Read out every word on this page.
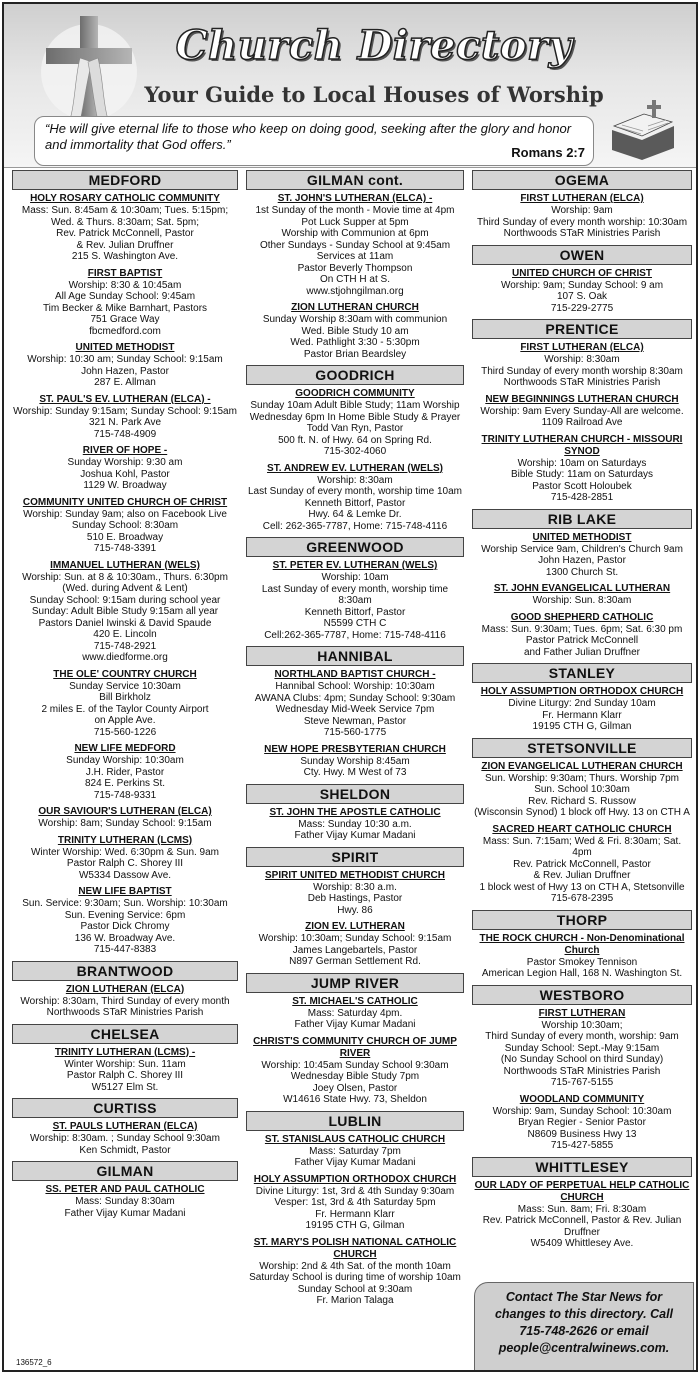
Church Directory
Your Guide to Local Houses of Worship
“He will give eternal life to those who keep on doing good, seeking after the glory and honor and immortality that God offers.”
Romans 2:7
MEDFORD
HOLY ROSARY CATHOLIC COMMUNITY
Mass: Sun. 8:45am & 10:30am; Tues. 5:15pm;
Wed. & Thurs. 8:30am; Sat. 5pm;
Rev. Patrick McConnell, Pastor
& Rev. Julian Druffner
215 S. Washington Ave.
FIRST BAPTIST
Worship: 8:30 & 10:45am
All Age Sunday School: 9:45am
Tim Becker & Mike Barnhart, Pastors
751 Grace Way
fbcmedford.com
UNITED METHODIST
Worship: 10:30 am; Sunday School: 9:15am
John Hazen, Pastor
287 E. Allman
ST. PAUL'S EV. LUTHERAN (ELCA) -
Worship: Sunday 9:15am; Sunday School: 9:15am
321 N. Park Ave
715-748-4909
RIVER OF HOPE -
Sunday Worship: 9:30 am
Joshua Kohl, Pastor
1129 W. Broadway
COMMUNITY UNITED CHURCH OF CHRIST
Worship: Sunday 9am; also on Facebook Live
Sunday School: 8:30am
510 E. Broadway
715-748-3391
IMMANUEL LUTHERAN (WELS)
Worship: Sun. at 8 & 10:30am., Thurs. 6:30pm
(Wed. during Advent & Lent)
Sunday School: 9:15am during school year
Sunday: Adult Bible Study 9:15am all year
Pastors Daniel Iwinski & David Spaude
420 E. Lincoln
715-748-2921
www.diedforme.org
THE OLE' COUNTRY CHURCH
Sunday Service 10:30am
Bill Birkholz
2 miles E. of the Taylor County Airport
on Apple Ave.
715-560-1226
NEW LIFE MEDFORD
Sunday Worship: 10:30am
J.H. Rider, Pastor
824 E. Perkins St.
715-748-9331
OUR SAVIOUR'S LUTHERAN (ELCA)
Worship: 8am; Sunday School: 9:15am
TRINITY LUTHERAN (LCMS)
Winter Worship: Wed. 6:30pm & Sun. 9am
Pastor Ralph C. Shorey III
W5334 Dassow Ave.
NEW LIFE BAPTIST
Sun. Service: 9:30am; Sun. Worship: 10:30am
Sun. Evening Service: 6pm
Pastor Dick Chromy
136 W. Broadway Ave.
715-447-8383
BRANTWOOD
ZION LUTHERAN (ELCA)
Worship: 8:30am, Third Sunday of every month
Northwoods STaR Ministries Parish
CHELSEA
TRINITY LUTHERAN (LCMS) -
Winter Worship: Sun. 11am
Pastor Ralph C. Shorey III
W5127 Elm St.
CURTISS
ST. PAULS LUTHERAN (ELCA)
Worship: 8:30am. ; Sunday School 9:30am
Ken Schmidt, Pastor
GILMAN
SS. PETER AND PAUL CATHOLIC
Mass: Sunday 8:30am
Father Vijay Kumar Madani
GILMAN cont.
ST. JOHN'S LUTHERAN (ELCA) -
1st Sunday of the month - Movie time at 4pm
Pot Luck Supper at 5pm
Worship with Communion at 6pm
Other Sundays - Sunday School at 9:45am
Services at 11am
Pastor Beverly Thompson
On CTH H at S.
www.stjohngilman.org
ZION LUTHERAN CHURCH
Sunday Worship 8:30am with communion
Wed. Bible Study 10 am
Wed. Pathlight 3:30 - 5:30pm
Pastor Brian Beardsley
GOODRICH
GOODRICH COMMUNITY
Sunday 10am Adult Bible Study; 11am Worship
Wednesday 6pm In Home Bible Study & Prayer
Todd Van Ryn, Pastor
500 ft. N. of Hwy. 64 on Spring Rd.
715-302-4060
ST. ANDREW EV. LUTHERAN (WELS)
Worship: 8:30am
Last Sunday of every month, worship time 10am
Kenneth Bittorf, Pastor
Hwy. 64 & Lemke Dr.
Cell: 262-365-7787, Home: 715-748-4116
GREENWOOD
ST. PETER EV. LUTHERAN (WELS)
Worship: 10am
Last Sunday of every month, worship time 8:30am
Kenneth Bittorf, Pastor
N5599 CTH C
Cell:262-365-7787, Home: 715-748-4116
HANNIBAL
NORTHLAND BAPTIST CHURCH -
Hannibal School: Worship: 10:30am
AWANA Clubs: 4pm; Sunday School: 9:30am
Wednesday Mid-Week Service 7pm
Steve Newman, Pastor
715-560-1775
NEW HOPE PRESBYTERIAN CHURCH
Sunday Worship 8:45am
Cty. Hwy. M West of 73
SHELDON
ST. JOHN THE APOSTLE CATHOLIC
Mass: Sunday 10:30 a.m.
Father Vijay Kumar Madani
SPIRIT
SPIRIT UNITED METHODIST CHURCH
Worship: 8:30 a.m.
Deb Hastings, Pastor
Hwy. 86
ZION EV. LUTHERAN
Worship: 10:30am; Sunday School: 9:15am
James Langebartels, Pastor
N897 German Settlement Rd.
JUMP RIVER
ST. MICHAEL'S CATHOLIC
Mass: Saturday 4pm.
Father Vijay Kumar Madani
CHRIST'S COMMUNITY CHURCH OF JUMP RIVER
Worship: 10:45am Sunday School 9:30am
Wednesday Bible Study 7pm
Joey Olsen, Pastor
W14616 State Hwy. 73, Sheldon
LUBLIN
ST. STANISLAUS CATHOLIC CHURCH
Mass: Saturday 7pm
Father Vijay Kumar Madani
HOLY ASSUMPTION ORTHODOX CHURCH
Divine Liturgy: 1st, 3rd & 4th Sunday 9:30am
Vesper: 1st, 3rd & 4th Saturday 5pm
Fr. Hermann Klarr
19195 CTH G, Gilman
ST. MARY'S POLISH NATIONAL CATHOLIC CHURCH
Worship: 2nd & 4th Sat. of the month 10am
Saturday School is during time of worship 10am
Sunday School at 9:30am
Fr. Marion Talaga
OGEMA
FIRST LUTHERAN (ELCA)
Worship: 9am
Third Sunday of every month worship: 10:30am
Northwoods STaR Ministries Parish
OWEN
UNITED CHURCH OF CHRIST
Worship: 9am; Sunday School: 9 am
107 S. Oak
715-229-2775
PRENTICE
FIRST LUTHERAN (ELCA)
Worship: 8:30am
Third Sunday of every month worship 8:30am
Northwoods STaR Ministries Parish
NEW BEGINNINGS LUTHERAN CHURCH
Worship: 9am Every Sunday-All are welcome.
1109 Railroad Ave
TRINITY LUTHERAN CHURCH - MISSOURI SYNOD
Worship: 10am on Saturdays
Bible Study: 11am on Saturdays
Pastor Scott Holoubek
715-428-2851
RIB LAKE
UNITED METHODIST
Worship Service 9am, Children's Church 9am
John Hazen, Pastor
1300 Church St.
ST. JOHN EVANGELICAL LUTHERAN
Worship: Sun. 8:30am
GOOD SHEPHERD CATHOLIC
Mass: Sun. 9:30am; Tues. 6pm; Sat. 6:30 pm
Pastor Patrick McConnell
and Father Julian Druffner
STANLEY
HOLY ASSUMPTION ORTHODOX CHURCH
Divine Liturgy: 2nd Sunday 10am
Fr. Hermann Klarr
19195 CTH G, Gilman
STETSONVILLE
ZION EVANGELICAL LUTHERAN CHURCH
Sun. Worship: 9:30am; Thurs. Worship 7pm
Sun. School 10:30am
Rev. Richard S. Russow
(Wisconsin Synod) 1 block off Hwy. 13 on CTH A
SACRED HEART CATHOLIC CHURCH
Mass: Sun. 7:15am; Wed & Fri. 8:30am; Sat. 4pm
Rev. Patrick McConnell, Pastor
& Rev. Julian Druffner
1 block west of Hwy 13 on CTH A, Stetsonville
715-678-2395
THORP
THE ROCK CHURCH - Non-Denominational Church
Pastor Smokey Tennison
American Legion Hall, 168 N. Washington St.
WESTBORO
FIRST LUTHERAN
Worship 10:30am;
Third Sunday of every month, worship: 9am
Sunday School: Sept.-May 9:15am
(No Sunday School on third Sunday)
Northwoods STaR Ministries Parish
715-767-5155
WOODLAND COMMUNITY
Worship: 9am, Sunday School: 10:30am
Bryan Regier - Senior Pastor
N8609 Business Hwy 13
715-427-5855
WHITTLESEY
OUR LADY OF PERPETUAL HELP CATHOLIC CHURCH
Mass: Sun. 8am; Fri. 8:30am
Rev. Patrick McConnell, Pastor & Rev. Julian Druffner
W5409 Whittlesey Ave.
Contact The Star News for changes to this directory. Call 715-748-2626 or email people@centralwinews.com.
136572_6
